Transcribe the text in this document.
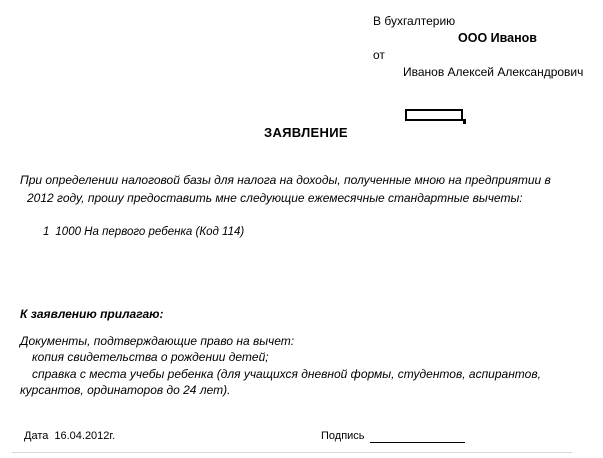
В бухгалтерию
ООО Иванов
от
Иванов Алексей Александрович
ЗАЯВЛЕНИЕ
При определении налоговой базы для налога на доходы, полученные мною на предприятии в
2012 году, прошу предоставить мне следующие ежемесячные стандартные вычеты:
1 1000 На первого ребенка (Код 114)
К заявлению прилагаю:
Документы, подтверждающие право на вычет:
копия свидетельства о рождении детей;
справка с места учебы ребенка (для учащихся дневной формы, студентов, аспирантов,
курсантов, ординаторов до 24 лет).
Дата 16.04.2012г.	Подпись
